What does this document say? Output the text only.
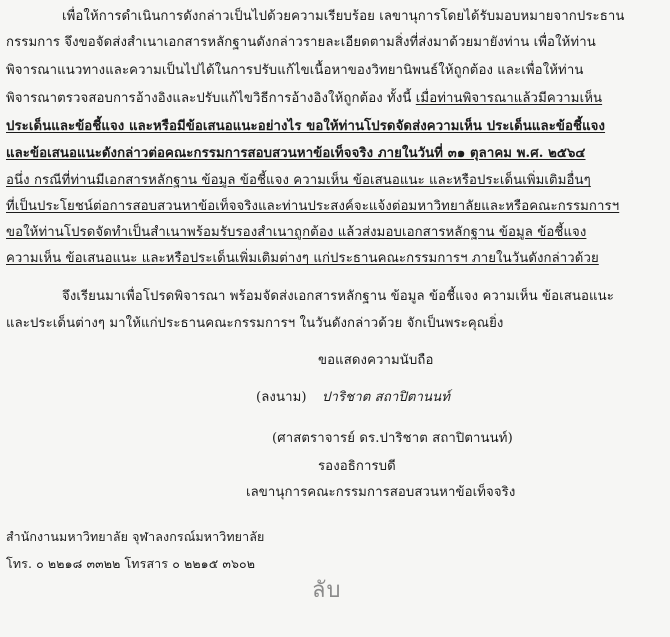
เพื่อให้การดำเนินการดังกล่าวเป็นไปด้วยความเรียบร้อย เลขานุการโดยได้รับมอบหมายจากประธาน
กรรมการ จึงขอจัดส่งสำเนาเอกสารหลักฐานดังกล่าวรายละเอียดตามสิ่งที่ส่งมาด้วยมายังท่าน เพื่อให้ท่าน
พิจารณาแนวทางและความเป็นไปได้ในการปรับแก้ไขเนื้อหาของวิทยานิพนธ์ให้ถูกต้อง และเพื่อให้ท่าน
พิจารณาตรวจสอบการอ้างอิงและปรับแก้ไขวิธีการอ้างอิงให้ถูกต้อง ทั้งนี้ เมื่อท่านพิจารณาแล้วมีความเห็น
ประเด็นและข้อชี้แจง และหรือมีข้อเสนอแนะอย่างไร ขอให้ท่านโปรดจัดส่งความเห็น ประเด็นและข้อชี้แจง
และข้อเสนอแนะดังกล่าวต่อคณะกรรมการสอบสวนหาข้อเท็จจริง ภายในวันที่ ๓๑ ตุลาคม พ.ศ. ๒๕๖๔
อนึ่ง กรณีที่ท่านมีเอกสารหลักฐาน ข้อมูล ข้อชี้แจง ความเห็น ข้อเสนอแนะ และหรือประเด็นเพิ่มเติมอื่นๆ
ที่เป็นประโยชน์ต่อการสอบสวนหาข้อเท็จจริงและท่านประสงค์จะแจ้งต่อมหาวิทยาลัยและหรือคณะกรรมการฯ
ขอให้ท่านโปรดจัดทำเป็นสำเนาพร้อมรับรองสำเนาถูกต้อง แล้วส่งมอบเอกสารหลักฐาน ข้อมูล ข้อชี้แจง
ความเห็น ข้อเสนอแนะ และหรือประเด็นเพิ่มเติมต่างๆ แก่ประธานคณะกรรมการฯ ภายในวันดังกล่าวด้วย
จึงเรียนมาเพื่อโปรดพิจารณา พร้อมจัดส่งเอกสารหลักฐาน ข้อมูล ข้อชี้แจง ความเห็น ข้อเสนอแนะ
และประเด็นต่างๆ มาให้แก่ประธานคณะกรรมการฯ ในวันดังกล่าวด้วย จักเป็นพระคุณยิ่ง
ขอแสดงความนับถือ
(ลงนาม) ปาริชาต สถาปิตานนท์
(ศาสตราจารย์ ดร.ปาริชาต สถาปิตานนท์)
รองอธิการบดี
เลขานุการคณะกรรมการสอบสวนหาข้อเท็จจริง
สำนักงานมหาวิทยาลัย จุฬาลงกรณ์มหาวิทยาลัย
โทร. ๐ ๒๒๑๘ ๓๓๒๒ โทรสาร ๐ ๒๒๑๕ ๓๖๐๒
ลับ
